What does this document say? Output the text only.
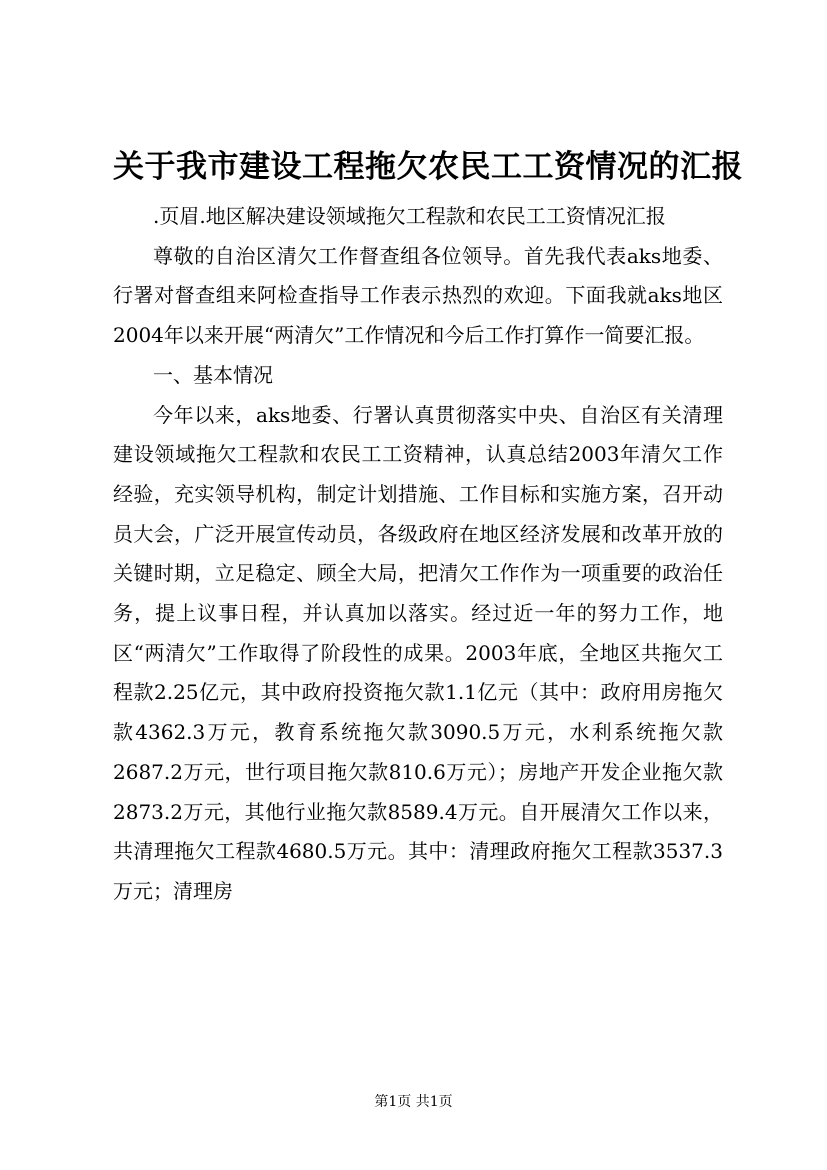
关于我市建设工程拖欠农民工工资情况的汇报

.页眉.地区解决建设领域拖欠工程款和农民工工资情况汇报

尊敬的自治区清欠工作督查组各位领导。首先我代表aks地委、行署对督查组来阿检查指导工作表示热烈的欢迎。下面我就aks地区2004年以来开展“两清欠”工作情况和今后工作打算作一简要汇报。

一、基本情况

今年以来，aks地委、行署认真贯彻落实中央、自治区有关清理建设领域拖欠工程款和农民工工资精神，认真总结2003年清欠工作经验，充实领导机构，制定计划措施、工作目标和实施方案，召开动员大会，广泛开展宣传动员，各级政府在地区经济发展和改革开放的关键时期，立足稳定、顾全大局，把清欠工作作为一项重要的政治任务，提上议事日程，并认真加以落实。经过近一年的努力工作，地区“两清欠”工作取得了阶段性的成果。2003年底，全地区共拖欠工程款2.25亿元，其中政府投资拖欠款1.1亿元（其中：政府用房拖欠款4362.3万元，教育系统拖欠款3090.5万元，水利系统拖欠款2687.2万元，世行项目拖欠款810.6万元）；房地产开发企业拖欠款2873.2万元，其他行业拖欠款8589.4万元。自开展清欠工作以来，共清理拖欠工程款4680.5万元。其中：清理政府拖欠工程款3537.3万元；清理房

第1页 共1页
